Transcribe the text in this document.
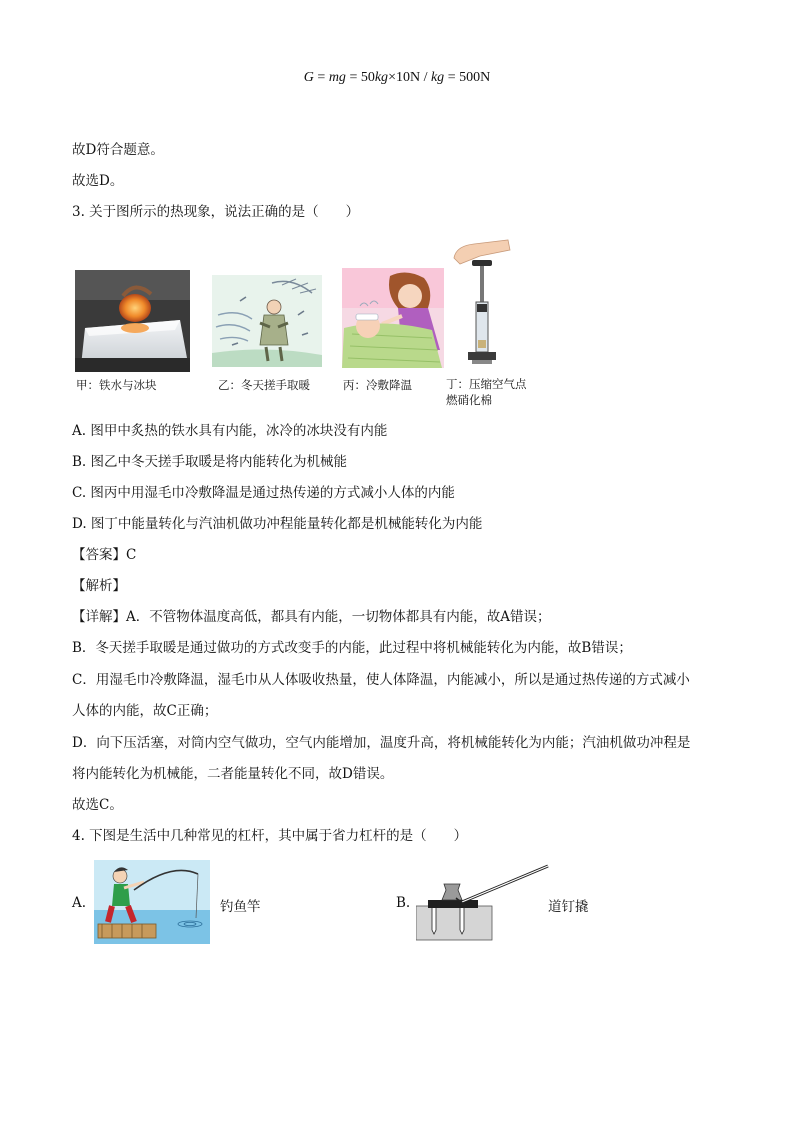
G = mg = 50kg×10N / kg = 500N
故D符合题意。
故选D。
3. 关于图所示的热现象，说法正确的是（　　）
甲：铁水与冰块	乙：冬天搓手取暖	丙：冷敷降温	丁：压缩空气点
燃硝化棉
A. 图甲中炙热的铁水具有内能，冰冷的冰块没有内能
B. 图乙中冬天搓手取暖是将内能转化为机械能
C. 图丙中用湿毛巾冷敷降温是通过热传递的方式减小人体的内能
D. 图丁中能量转化与汽油机做功冲程能量转化都是机械能转化为内能
【答案】C
【解析】
【详解】A．不管物体温度高低，都具有内能，一切物体都具有内能，故A错误；
B．冬天搓手取暖是通过做功的方式改变手的内能，此过程中将机械能转化为内能，故B错误；
C．用湿毛巾冷敷降温，湿毛巾从人体吸收热量，使人体降温，内能减小，所以是通过热传递的方式减小
人体的内能，故C正确；
D．向下压活塞，对筒内空气做功，空气内能增加，温度升高，将机械能转化为内能；汽油机做功冲程是
将内能转化为机械能，二者能量转化不同，故D错误。
故选C。
4. 下图是生活中几种常见的杠杆，其中属于省力杠杆的是（　　）
A.	钓鱼竿	B.	道钉撬
